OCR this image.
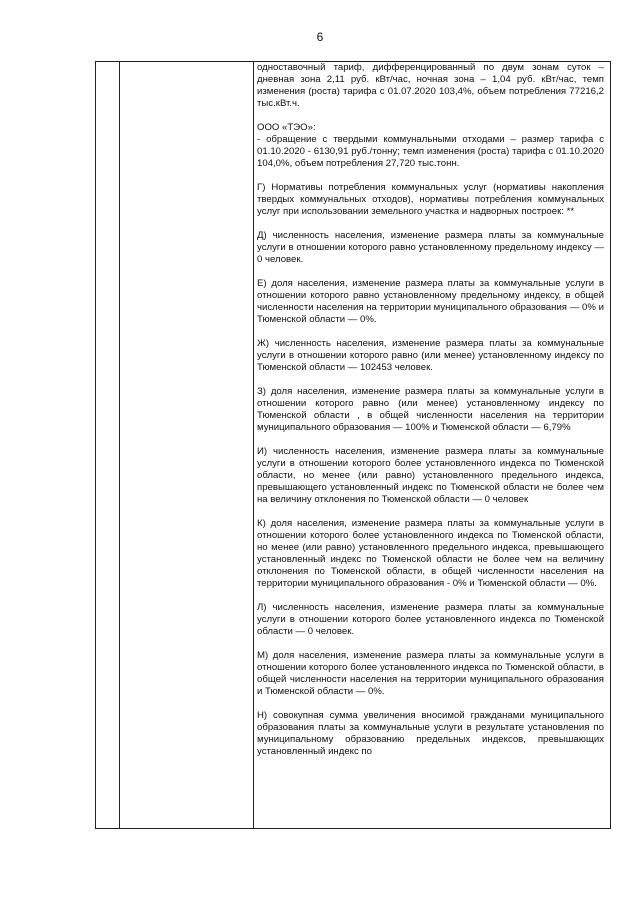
6

одноставочный тариф, дифференцированный по двум зонам суток – дневная зона 2,11 руб. кВт/час, ночная зона – 1,04 руб. кВт/час, темп изменения (роста) тарифа с 01.07.2020 103,4%, объем потребления 77216,2 тыс.кВт.ч.

ООО «ТЭО»:

- обращение с твердыми коммунальными отходами – размер тарифа с 01.10.2020 - 6130,91 руб./тонну; темп изменения (роста) тарифа с 01.10.2020 104,0%, объем потребления 27,720 тыс.тонн.

Г) Нормативы потребления коммунальных услуг (нормативы накопления твердых коммунальных отходов), нормативы потребления коммунальных услуг при использовании земельного участка и надворных построек: **

Д) численность населения, изменение размера платы за коммунальные услуги в отношении которого равно установленному предельному индексу — 0 человек.

Е) доля населения, изменение размера платы за коммунальные услуги в отношении которого равно установленному предельному индексу, в общей численности населения на территории муниципального образования — 0% и Тюменской области — 0%.

Ж) численность населения, изменение размера платы за коммунальные услуги в отношении которого равно (или менее) установленному индексу по Тюменской области — 102453 человек.

З) доля населения, изменение размера платы за коммунальные услуги в отношении которого равно (или менее) установленному индексу по Тюменской области , в общей численности населения на территории муниципального образования — 100% и Тюменской области — 6,79%

И) численность населения, изменение размера платы за коммунальные услуги в отношении которого более установленного индекса по Тюменской области, но менее (или равно) установленного предельного индекса, превышающего установленный индекс по Тюменской области не более чем на величину отклонения по Тюменской области — 0 человек

К) доля населения, изменение размера платы за коммунальные услуги в отношении которого более установленного индекса по Тюменской области, но менее (или равно) установленного предельного индекса, превышающего установленный индекс по Тюменской области не более чем на величину отклонения по Тюменской области, в общей численности населения на территории муниципального образования - 0% и Тюменской области — 0%.

Л) численность населения, изменение размера платы за коммунальные услуги в отношении которого более установленного индекса по Тюменской области — 0 человек.

М) доля населения, изменение размера платы за коммунальные услуги в отношении которого более установленного индекса по Тюменской области, в общей численности населения на территории муниципального образования и Тюменской области — 0%.

Н) совокупная сумма увеличения вносимой гражданами муниципального образования платы за коммунальные услуги в результате установления по муниципальному образованию предельных индексов, превышающих установленный индекс по
